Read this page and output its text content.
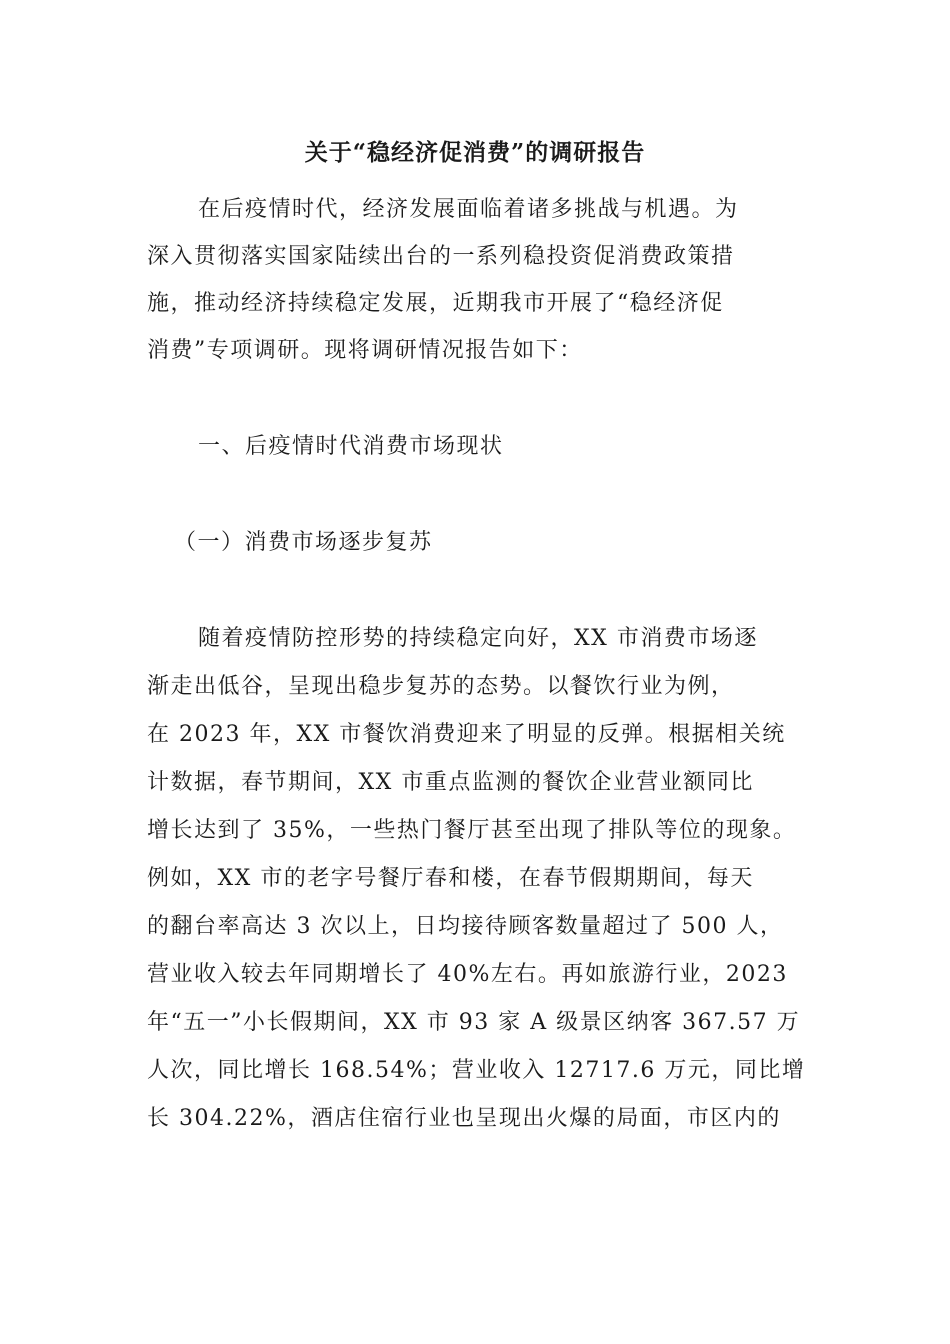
关于“稳经济促消费”的调研报告
在后疫情时代，经济发展面临着诸多挑战与机遇。为
深入贯彻落实国家陆续出台的一系列稳投资促消费政策措
施，推动经济持续稳定发展，近期我市开展了“稳经济促
消费”专项调研。现将调研情况报告如下：
一、后疫情时代消费市场现状
（一）消费市场逐步复苏
随着疫情防控形势的持续稳定向好，XX 市消费市场逐
渐走出低谷，呈现出稳步复苏的态势。以餐饮行业为例，
在 2023 年，XX 市餐饮消费迎来了明显的反弹。根据相关统
计数据，春节期间，XX 市重点监测的餐饮企业营业额同比
增长达到了 35%，一些热门餐厅甚至出现了排队等位的现象。
例如，XX 市的老字号餐厅春和楼，在春节假期期间，每天
的翻台率高达 3 次以上，日均接待顾客数量超过了 500 人，
营业收入较去年同期增长了 40%左右。再如旅游行业，2023
年“五一”小长假期间，XX 市 93 家 A 级景区纳客 367.57 万
人次，同比增长 168.54%；营业收入 12717.6 万元，同比增
长 304.22%，酒店住宿行业也呈现出火爆的局面，市区内的
